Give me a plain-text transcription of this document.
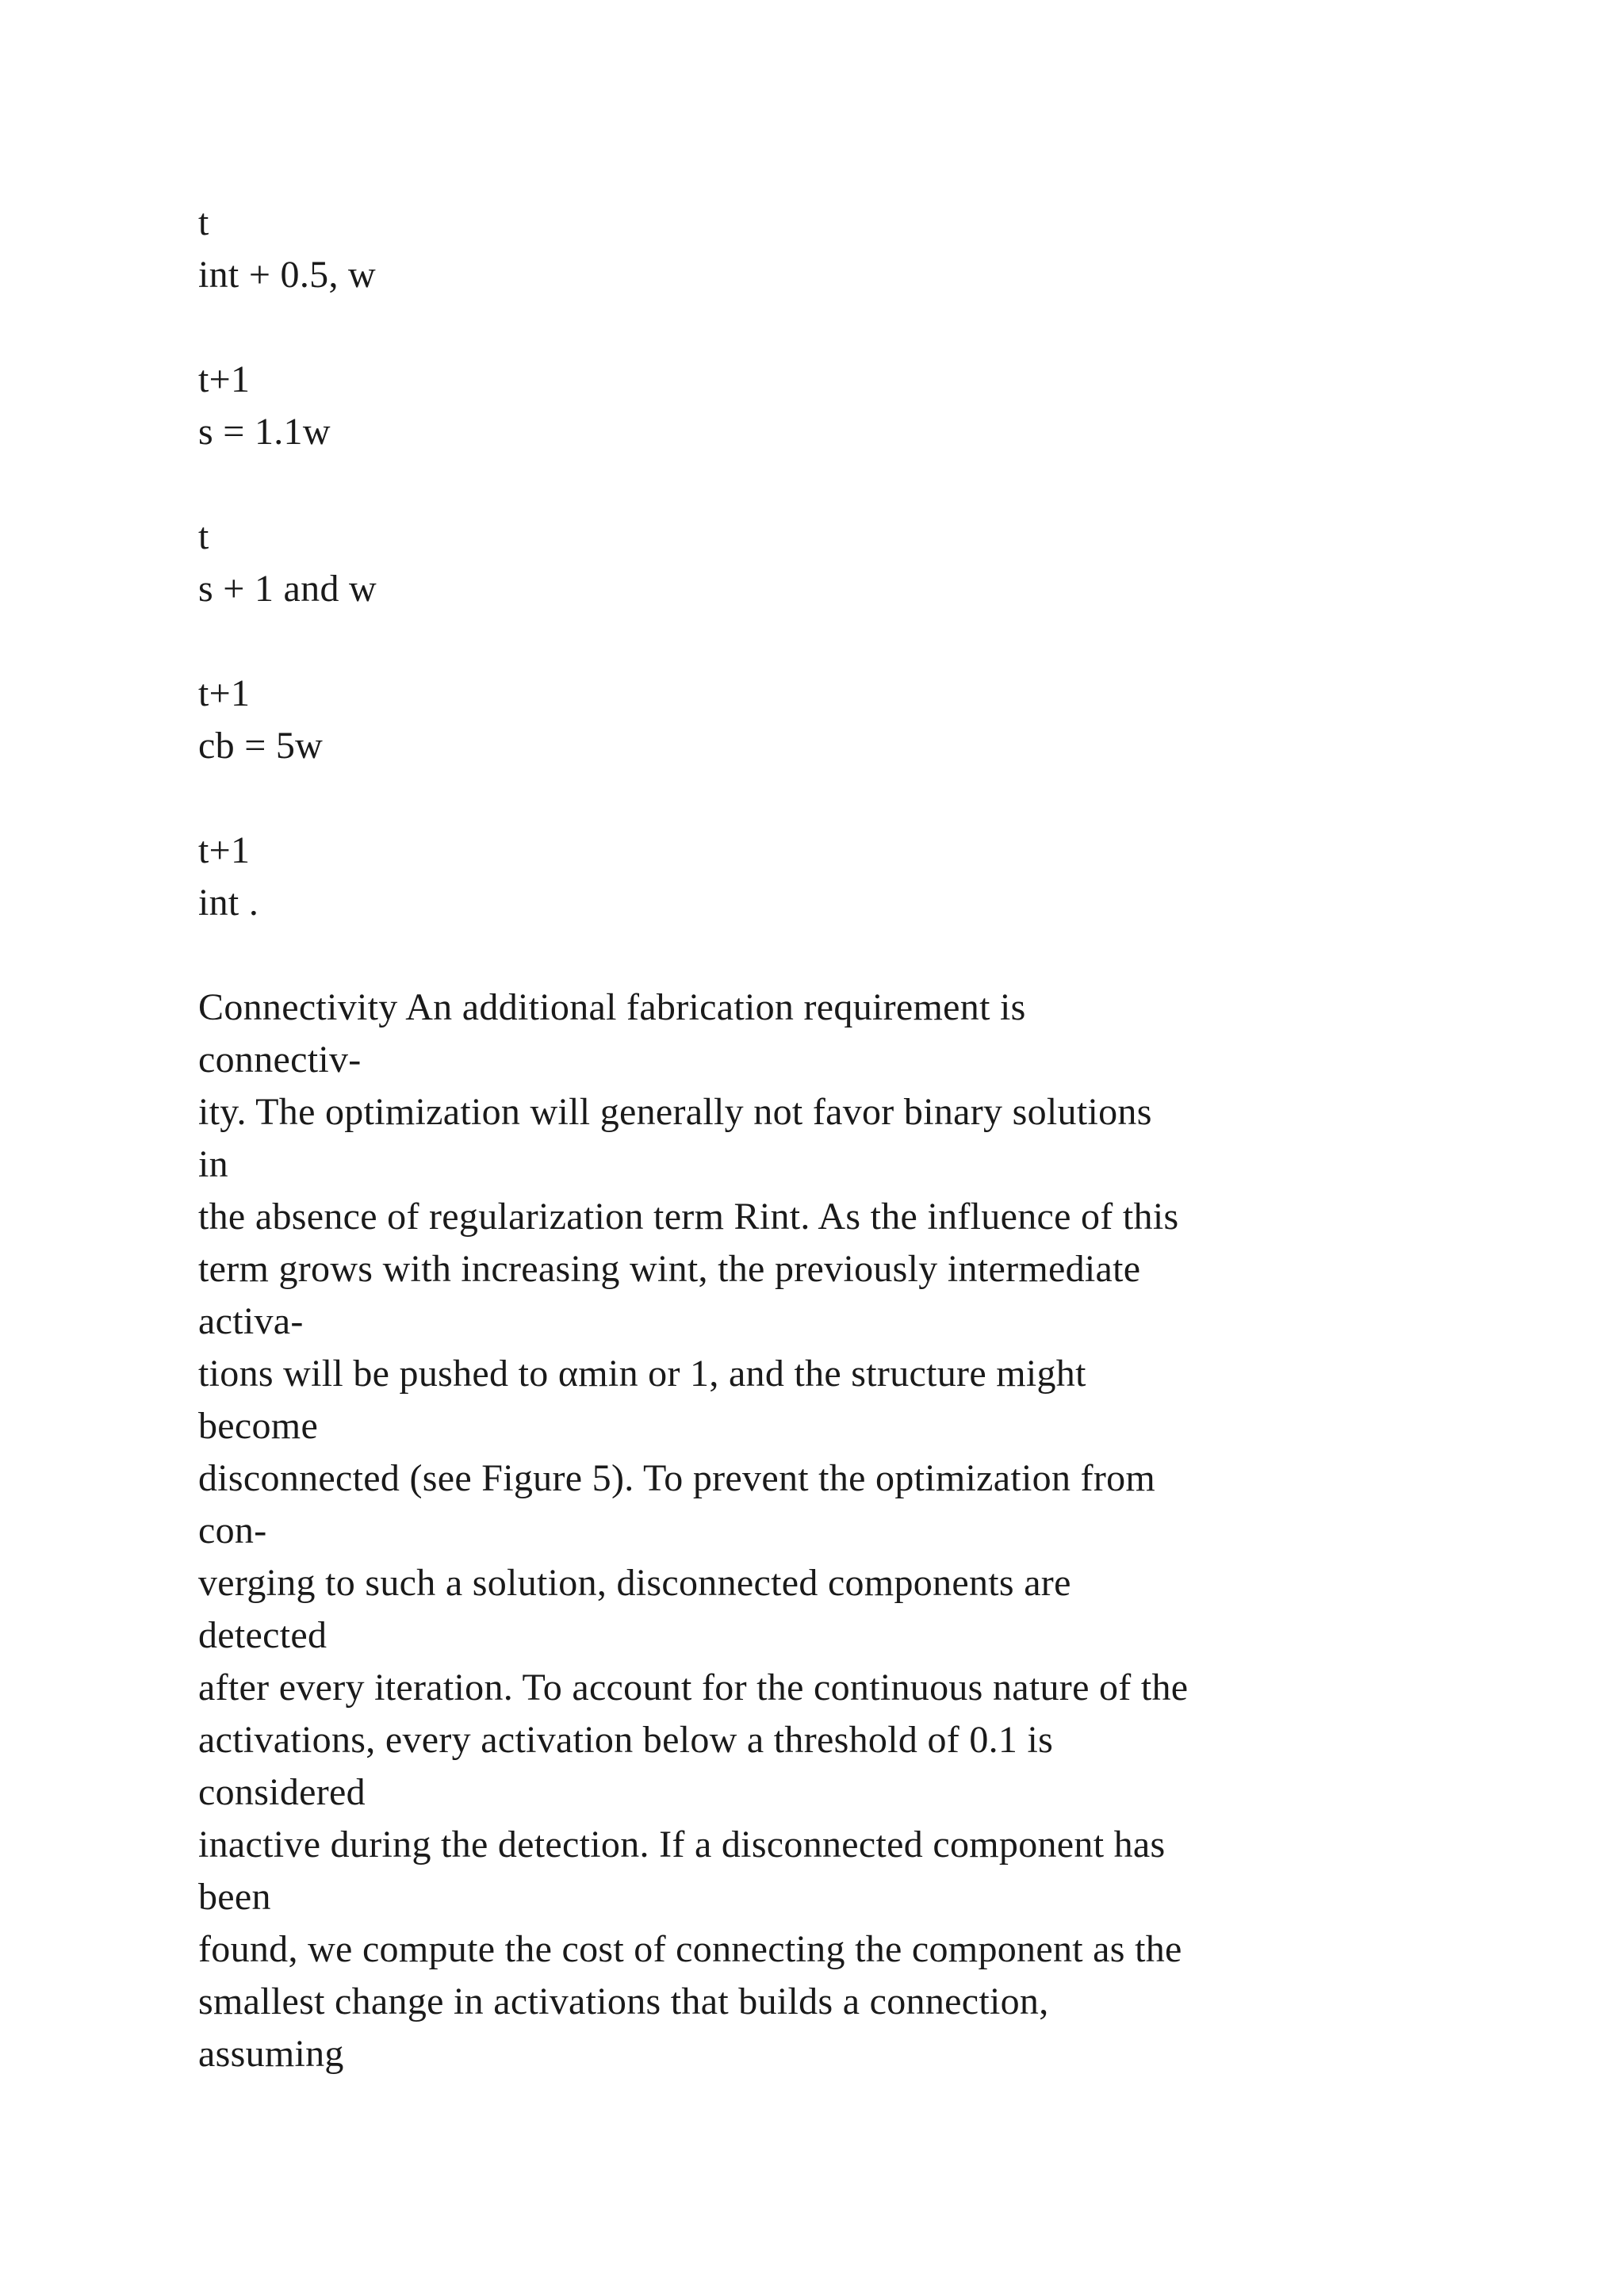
t
int + 0.5, w
t+1
s = 1.1w
t
s + 1 and w
t+1
cb = 5w
t+1
int .
Connectivity An additional fabrication requirement is
connectiv-
ity. The optimization will generally not favor binary solutions
in
the absence of regularization term Rint. As the influence of this
term grows with increasing wint, the previously intermediate
activa-
tions will be pushed to αmin or 1, and the structure might
become
disconnected (see Figure 5). To prevent the optimization from
con-
verging to such a solution, disconnected components are
detected
after every iteration. To account for the continuous nature of the
activations, every activation below a threshold of 0.1 is
considered
inactive during the detection. If a disconnected component has
been
found, we compute the cost of connecting the component as the
smallest change in activations that builds a connection,
assuming
